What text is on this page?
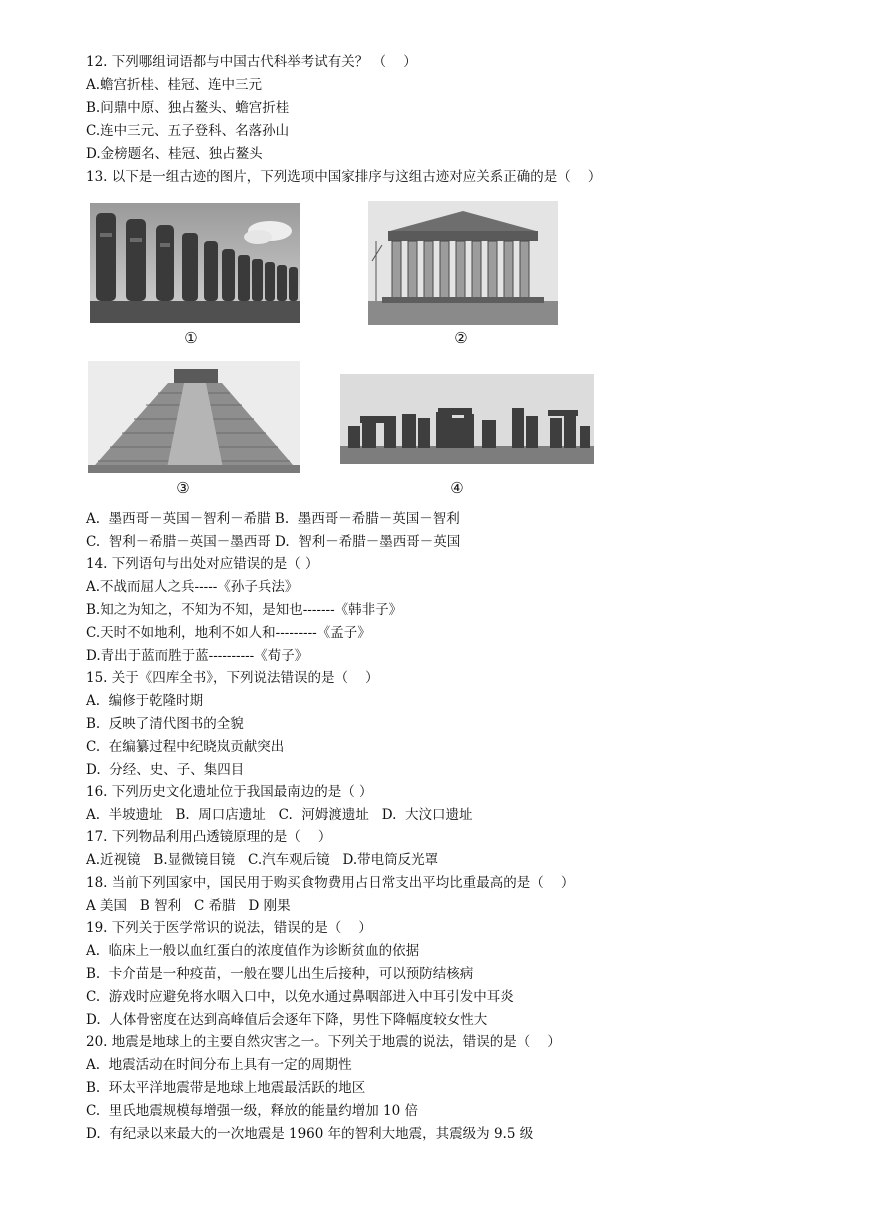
12. 下列哪组词语都与中国古代科举考试有关？ （    ）
A.蟾宫折桂、桂冠、连中三元
B.问鼎中原、独占鳌头、蟾宫折桂
C.连中三元、五子登科、名落孙山
D.金榜题名、桂冠、独占鳌头
13. 以下是一组古迹的图片，下列选项中国家排序与这组古迹对应关系正确的是（    ）
①	②
③	④
A.  墨西哥－英国－智利－希腊 B.  墨西哥－希腊－英国－智利
C.  智利－希腊－英国－墨西哥 D.  智利－希腊－墨西哥－英国
14. 下列语句与出处对应错误的是（ ）
A.不战而屈人之兵-----《孙子兵法》
B.知之为知之，不知为不知，是知也-------《韩非子》
C.天时不如地利，地利不如人和---------《孟子》
D.青出于蓝而胜于蓝----------《荀子》
15. 关于《四库全书》，下列说法错误的是（    ）
A.  编修于乾隆时期
B.  反映了清代图书的全貌
C.  在编纂过程中纪晓岚贡献突出
D.  分经、史、子、集四目
16. 下列历史文化遗址位于我国最南边的是（ ）
A.  半坡遗址   B.  周口店遗址   C.  河姆渡遗址   D.  大汶口遗址
17. 下列物品利用凸透镜原理的是（    ）
A.近视镜   B.显微镜目镜   C.汽车观后镜   D.带电筒反光罩
18. 当前下列国家中，国民用于购买食物费用占日常支出平均比重最高的是（    ）
A 美国   B 智利   C 希腊   D 刚果
19. 下列关于医学常识的说法，错误的是（    ）
A.  临床上一般以血红蛋白的浓度值作为诊断贫血的依据
B.  卡介苗是一种疫苗，一般在婴儿出生后接种，可以预防结核病
C.  游戏时应避免将水咽入口中，以免水通过鼻咽部进入中耳引发中耳炎
D.  人体骨密度在达到高峰值后会逐年下降，男性下降幅度较女性大
20. 地震是地球上的主要自然灾害之一。下列关于地震的说法，错误的是（    ）
A.  地震活动在时间分布上具有一定的周期性
B.  环太平洋地震带是地球上地震最活跃的地区
C.  里氏地震规模每增强一级，释放的能量约增加 10 倍
D.  有纪录以来最大的一次地震是 1960 年的智利大地震，其震级为 9.5 级
